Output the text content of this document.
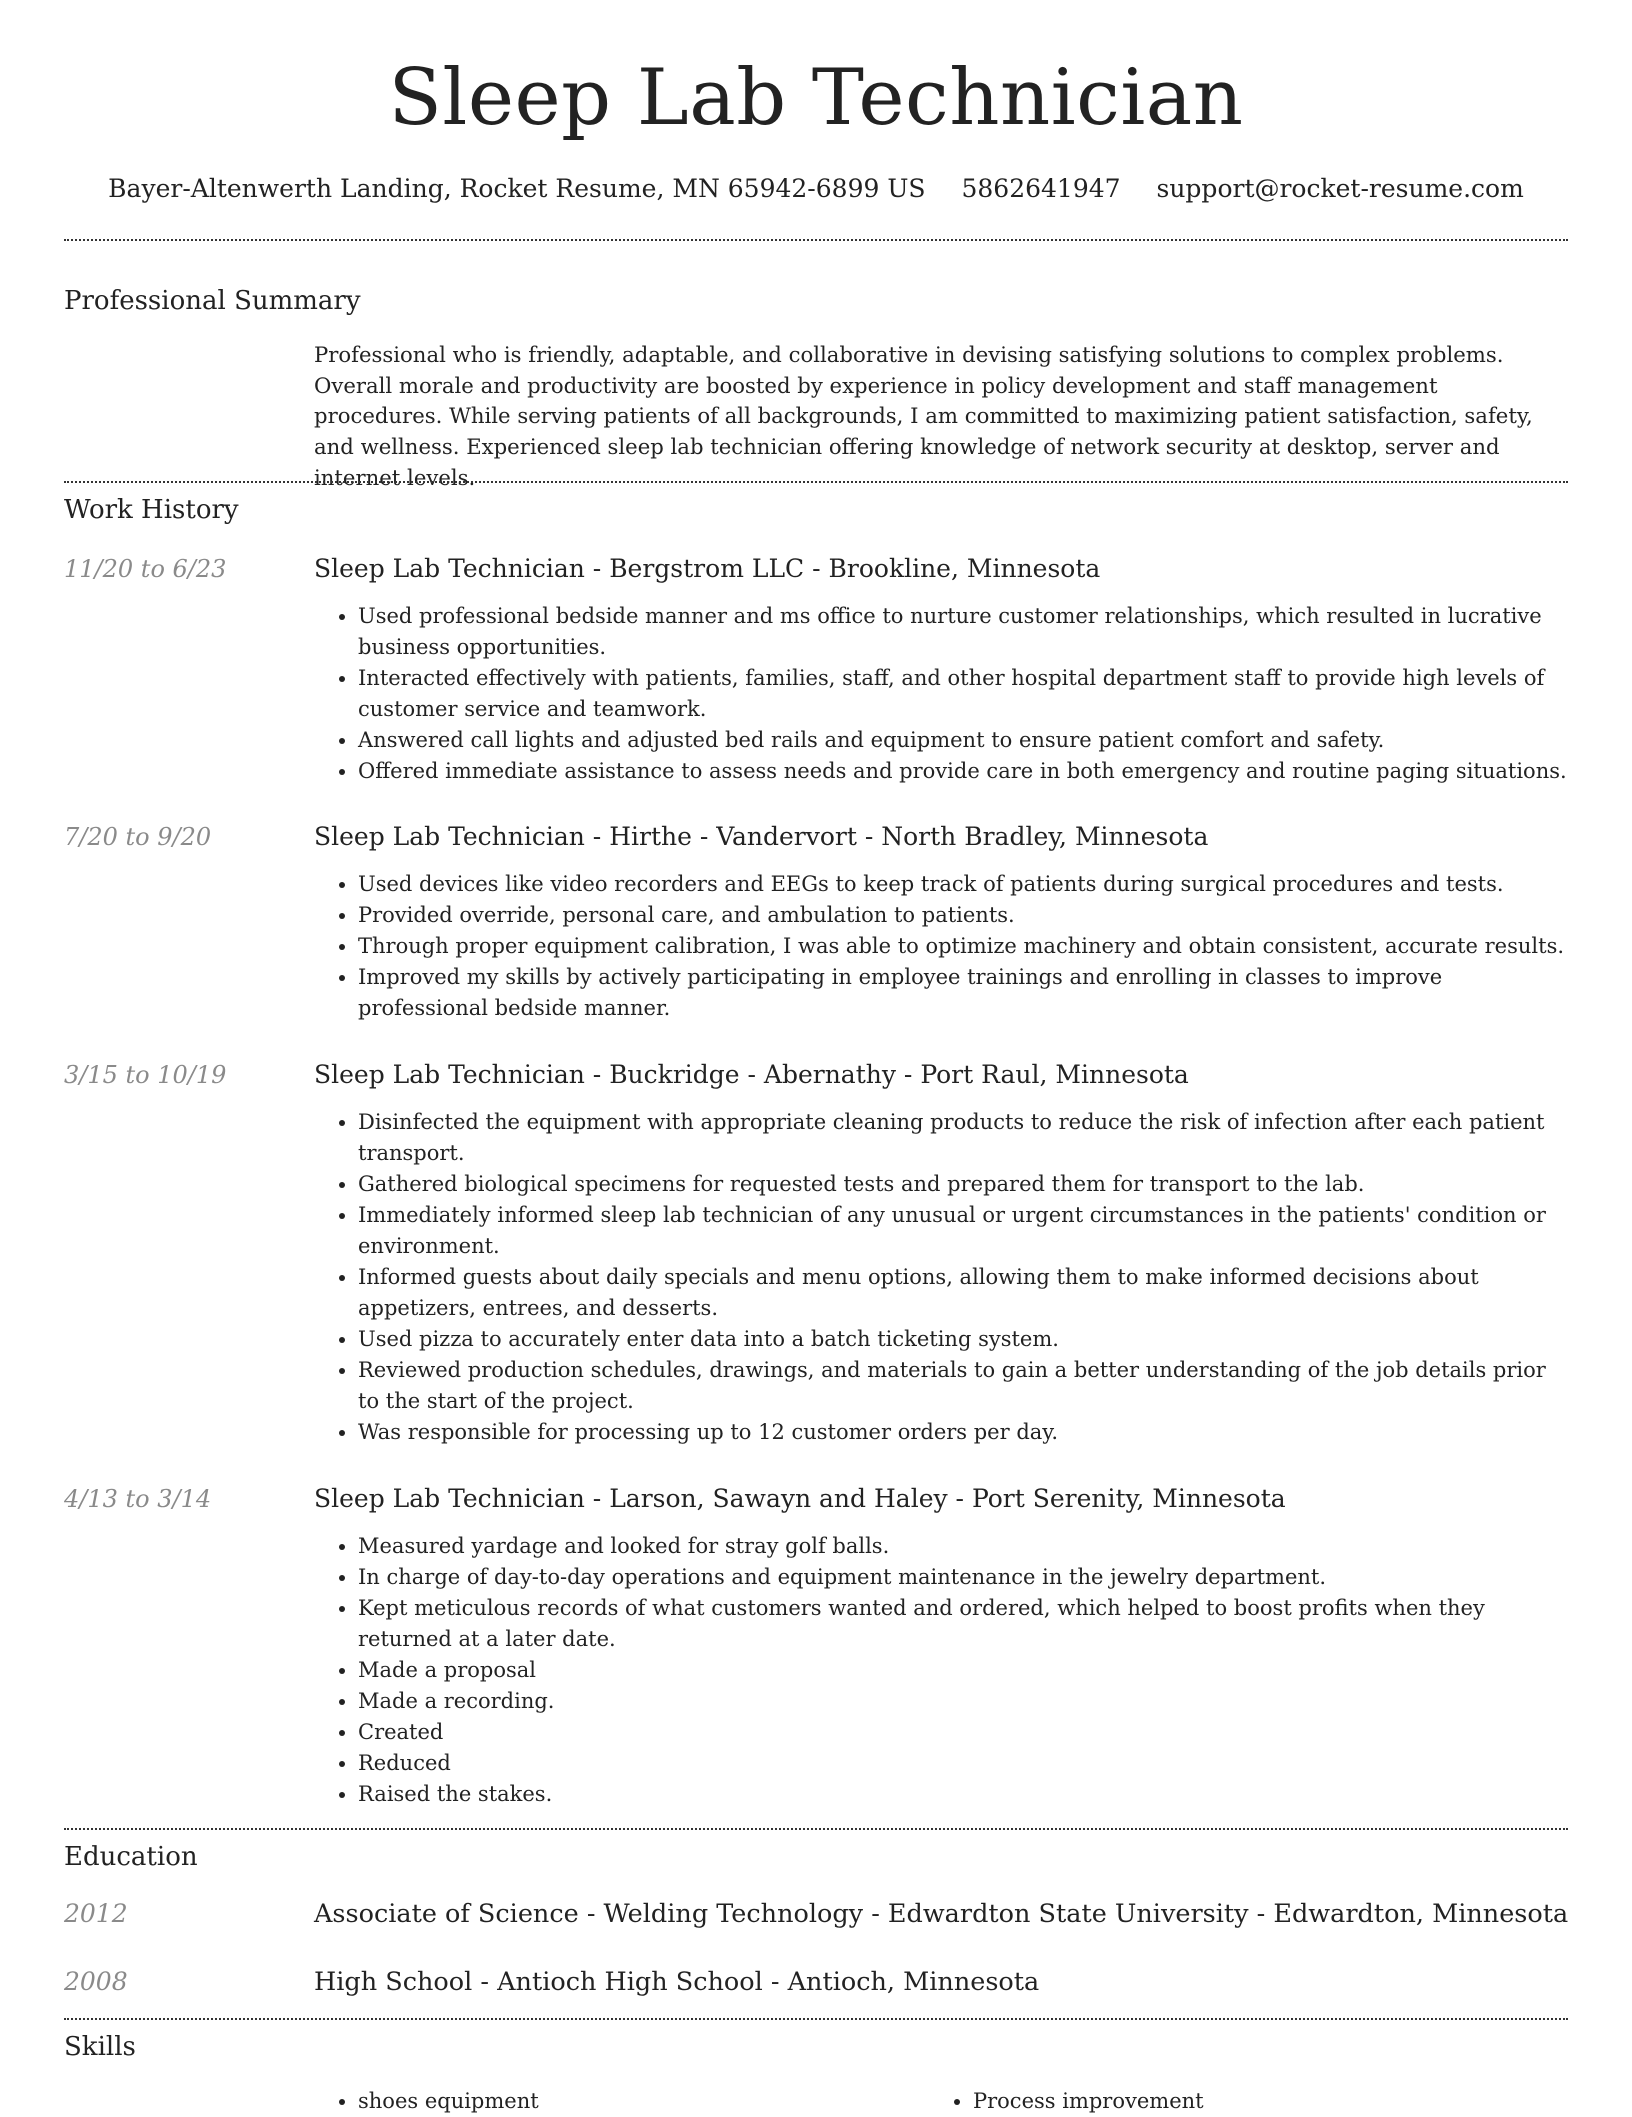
Sleep Lab Technician
Bayer-Altenwerth Landing, Rocket Resume, MN 65942-6899 US 5862641947 support@rocket-resume.com
Professional Summary
Professional who is friendly, adaptable, and collaborative in devising satisfying solutions to complex problems. Overall morale and productivity are boosted by experience in policy development and staff management procedures. While serving patients of all backgrounds, I am committed to maximizing patient satisfaction, safety, and wellness. Experienced sleep lab technician offering knowledge of network security at desktop, server and internet levels.
Work History
11/20 to 6/23	Sleep Lab Technician - Bergstrom LLC - Brookline, Minnesota
• Used professional bedside manner and ms office to nurture customer relationships, which resulted in lucrative business opportunities.
• Interacted effectively with patients, families, staff, and other hospital department staff to provide high levels of customer service and teamwork.
• Answered call lights and adjusted bed rails and equipment to ensure patient comfort and safety.
• Offered immediate assistance to assess needs and provide care in both emergency and routine paging situations.
7/20 to 9/20	Sleep Lab Technician - Hirthe - Vandervort - North Bradley, Minnesota
• Used devices like video recorders and EEGs to keep track of patients during surgical procedures and tests.
• Provided override, personal care, and ambulation to patients.
• Through proper equipment calibration, I was able to optimize machinery and obtain consistent, accurate results.
• Improved my skills by actively participating in employee trainings and enrolling in classes to improve professional bedside manner.
3/15 to 10/19	Sleep Lab Technician - Buckridge - Abernathy - Port Raul, Minnesota
• Disinfected the equipment with appropriate cleaning products to reduce the risk of infection after each patient transport.
• Gathered biological specimens for requested tests and prepared them for transport to the lab.
• Immediately informed sleep lab technician of any unusual or urgent circumstances in the patients' condition or environment.
• Informed guests about daily specials and menu options, allowing them to make informed decisions about appetizers, entrees, and desserts.
• Used pizza to accurately enter data into a batch ticketing system.
• Reviewed production schedules, drawings, and materials to gain a better understanding of the job details prior to the start of the project.
• Was responsible for processing up to 12 customer orders per day.
4/13 to 3/14	Sleep Lab Technician - Larson, Sawayn and Haley - Port Serenity, Minnesota
• Measured yardage and looked for stray golf balls.
• In charge of day-to-day operations and equipment maintenance in the jewelry department.
• Kept meticulous records of what customers wanted and ordered, which helped to boost profits when they returned at a later date.
• Made a proposal
• Made a recording.
• Created
• Reduced
• Raised the stakes.
Education
2012	Associate of Science - Welding Technology - Edwardton State University - Edwardton, Minnesota
2008	High School - Antioch High School - Antioch, Minnesota
Skills
• shoes equipment
•	Process improvement
